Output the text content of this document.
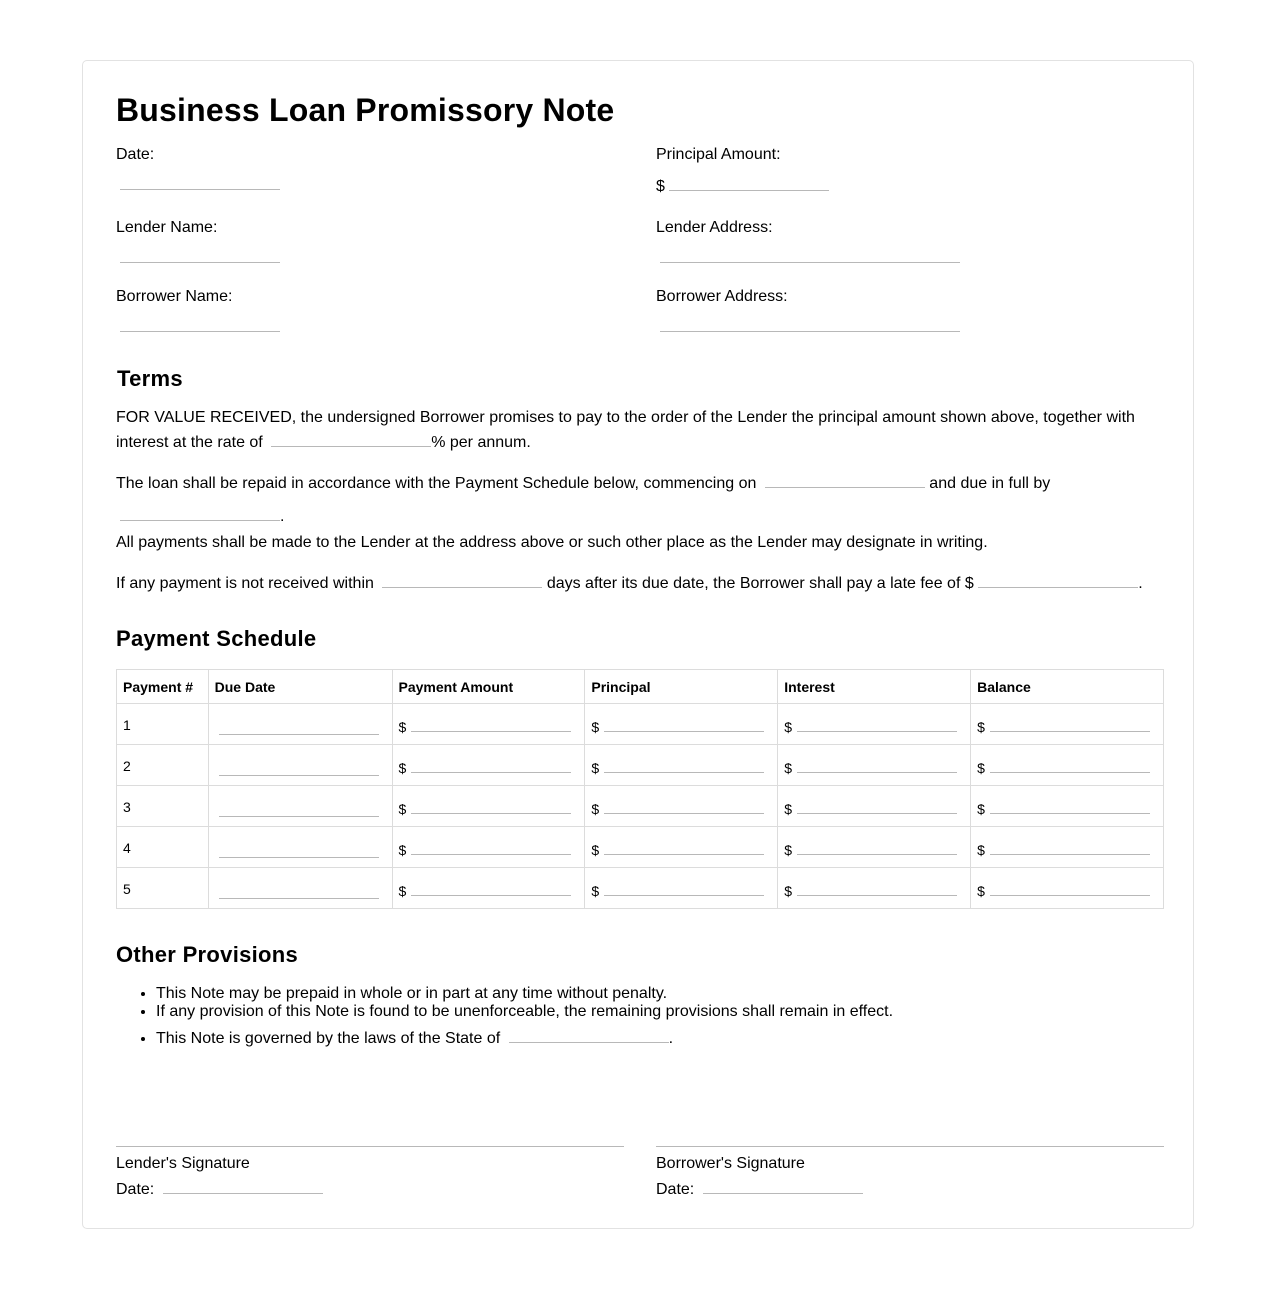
Business Loan Promissory Note
Date:
Lender Name:
Borrower Name:
Principal Amount:
$
Lender Address:
Borrower Address:
Terms

FOR VALUE RECEIVED, the undersigned Borrower promises to pay to the order of the Lender the principal amount shown above, together with interest at the rate of	% per annum.

The loan shall be repaid in accordance with the Payment Schedule below, commencing on	and due in full by
.

All payments shall be made to the Lender at the address above or such other place as the Lender may designate in writing.

If any payment is not received within	days after its due date, the Borrower shall pay a late fee of $	.

Payment Schedule
Payment #	Due Date	Payment Amount	Principal	Interest	Balance

1		$	$	$	$

2		$	$	$	$

3		$	$	$	$

4		$	$	$	$

5		$	$	$	$
Other Provisions
• This Note may be prepaid in whole or in part at any time without penalty.
• If any provision of this Note is found to be unenforceable, the remaining provisions shall remain in effect.
• This Note is governed by the laws of the State of	.
Lender's Signature
Date:
Borrower's Signature
Date:
